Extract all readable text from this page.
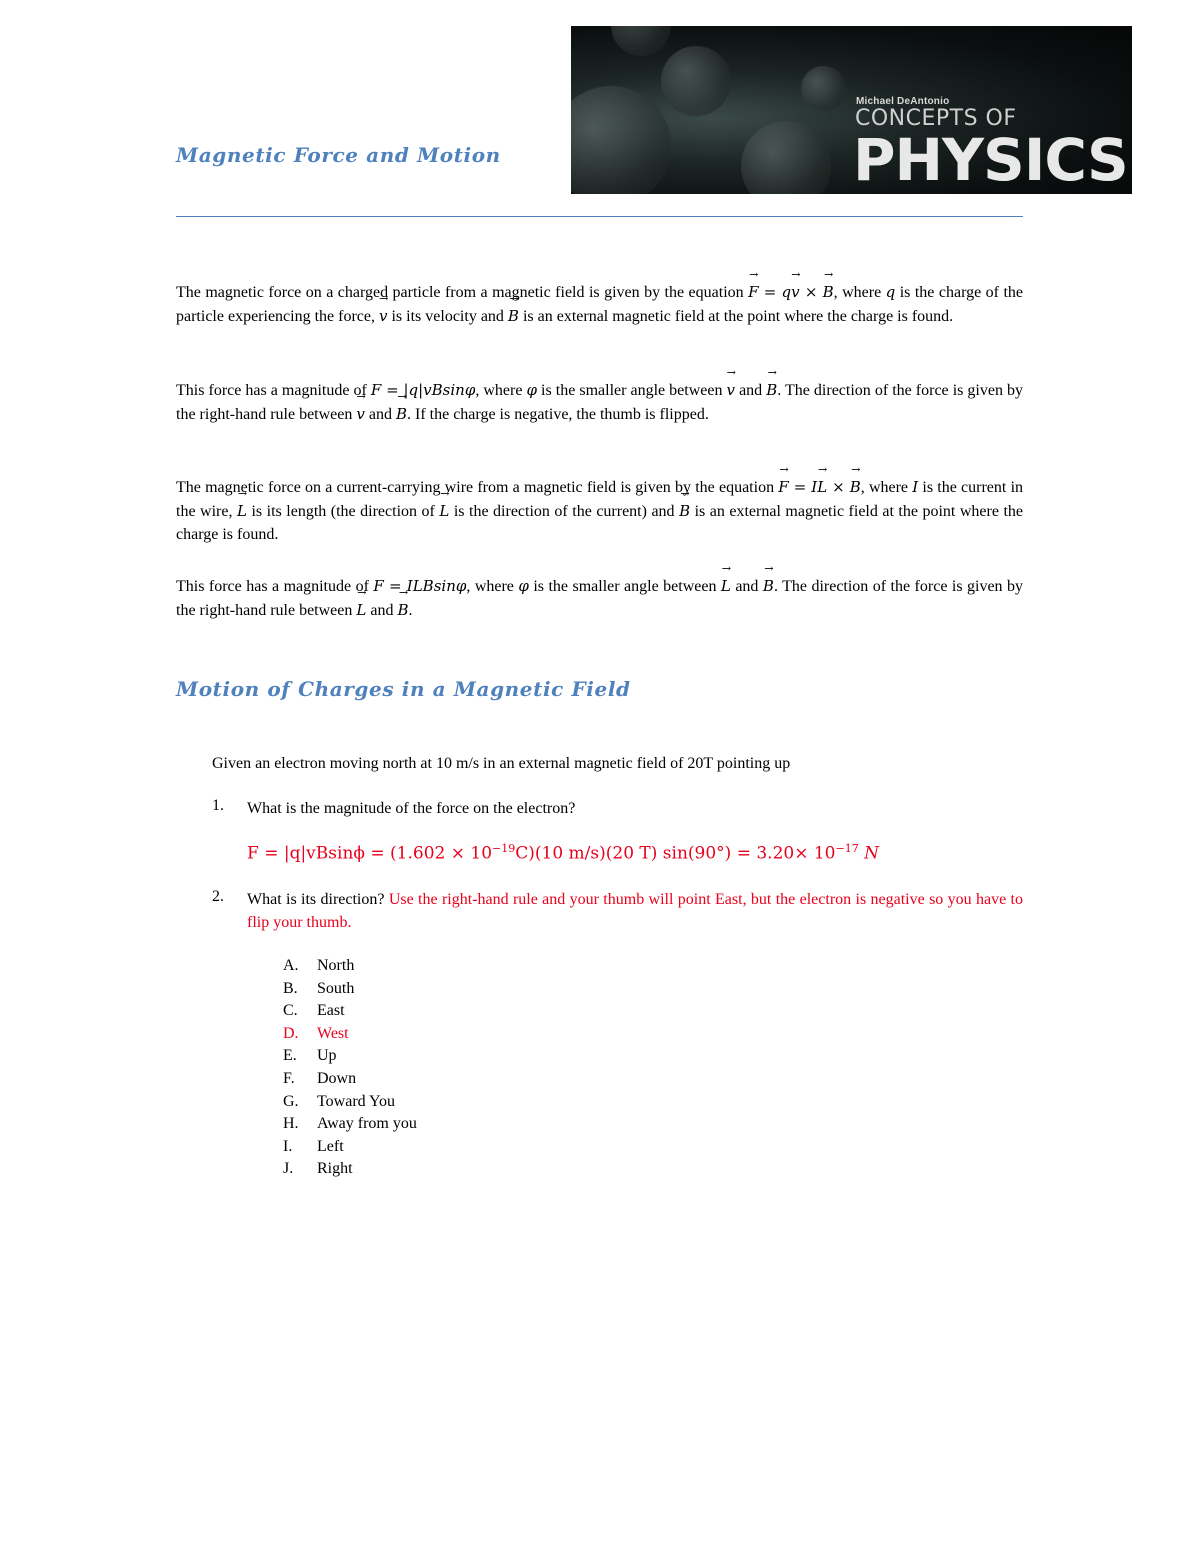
Michael DeAntonio
CONCEPTS OF
PHYSICS
Magnetic Force and Motion

The magnetic force on a charged particle from a magnetic field is given by the equation → F = q→ v × → B, where q is the charge of the particle experiencing the force, → v is its velocity and → B is an external magnetic field at the point where the charge is found.

This force has a magnitude of F = |q|vBsinφ, where φ is the smaller angle between → v and → B. The direction of the force is given by the right-hand rule between → v and → B. If the charge is negative, the thumb is flipped.

The magnetic force on a current-carrying wire from a magnetic field is given by the equation → F = I→ L × → B, where I is the current in the wire, → L is its length (the direction of → L is the direction of the current) and → B is an external magnetic field at the point where the charge is found.

This force has a magnitude of F = ILBsinφ, where φ is the smaller angle between → L and → B. The direction of the force is given by the right-hand rule between → L and → B.

Motion of Charges in a Magnetic Field

Given an electron moving north at 10 m/s in an external magnetic field of 20T pointing up

1. What is the magnitude of the force on the electron?

$F = |q|vBsin\phi = (1.602 \times 10^{-19}C)(10$ m/s)(20 T) $\sin(90^\circ) = 3.20\times 10^{-17}$ N
2. What is its direction? Use the right-hand rule and your thumb will point East, but the electron is negative so you have to flip your thumb.

A. North
B. South
C. East
D. West
E. Up
F. Down
G. Toward You
H. Away from you
I. Left
J. Right
